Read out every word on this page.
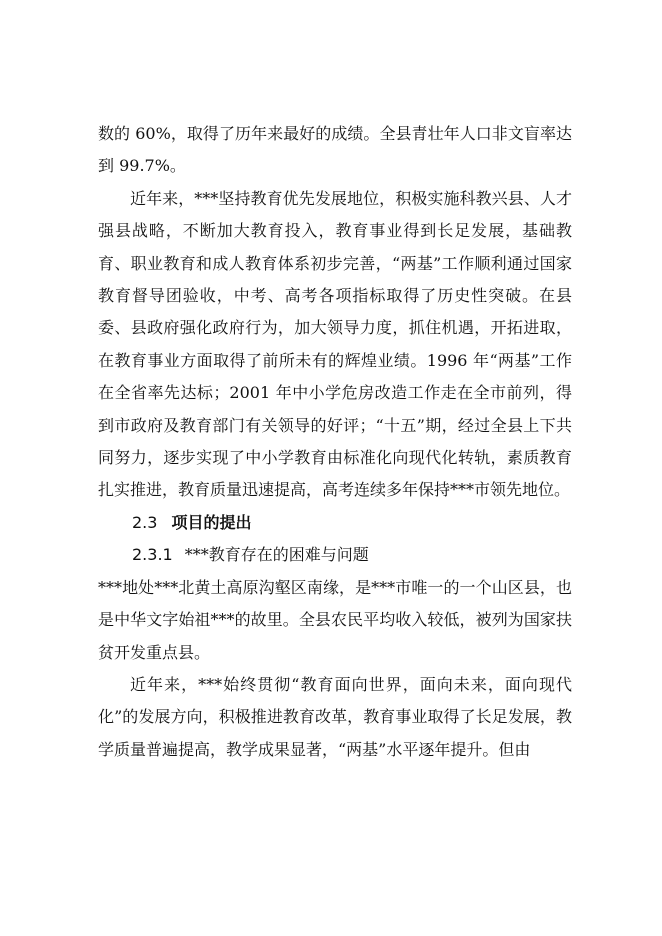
数的 60%，取得了历年来最好的成绩。全县青壮年人口非文盲率达到 99.7%。

近年来，***坚持教育优先发展地位，积极实施科教兴县、人才强县战略，不断加大教育投入，教育事业得到长足发展，基础教育、职业教育和成人教育体系初步完善，“两基”工作顺利通过国家教育督导团验收，中考、高考各项指标取得了历史性突破。在县委、县政府强化政府行为，加大领导力度，抓住机遇，开拓进取，在教育事业方面取得了前所未有的辉煌业绩。1996 年“两基”工作在全省率先达标；2001 年中小学危房改造工作走在全市前列，得到市政府及教育部门有关领导的好评；“十五”期，经过全县上下共同努力，逐步实现了中小学教育由标准化向现代化转轨，素质教育扎实推进，教育质量迅速提高，高考连续多年保持***市领先地位。

2.3 项目的提出

2.3.1 ***教育存在的困难与问题

***地处***北黄土高原沟壑区南缘，是***市唯一的一个山区县，也是中华文字始祖***的故里。全县农民平均收入较低，被列为国家扶贫开发重点县。

近年来，***始终贯彻“教育面向世界，面向未来，面向现代化”的发展方向，积极推进教育改革，教育事业取得了长足发展，教学质量普遍提高，教学成果显著，“两基”水平逐年提升。但由
